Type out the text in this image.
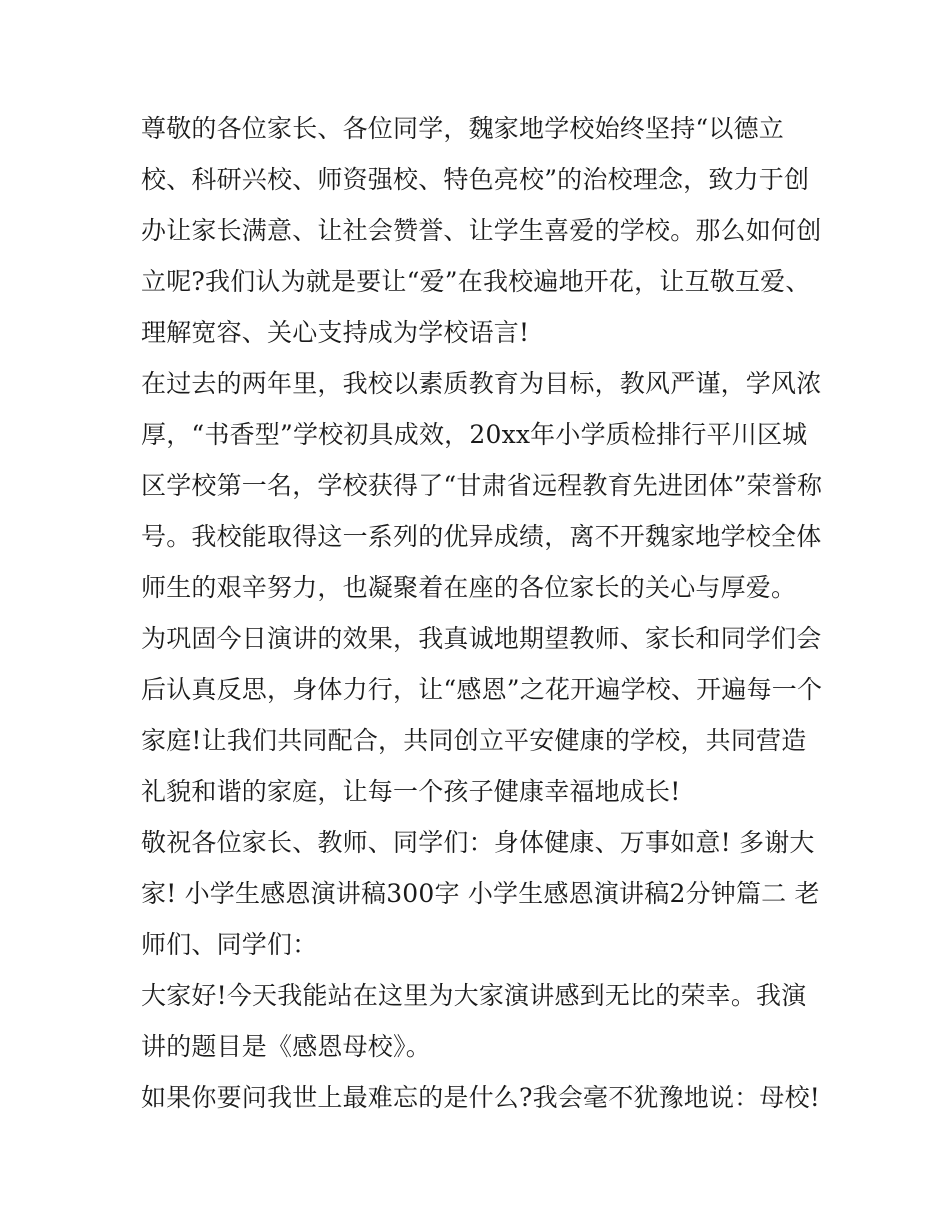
尊敬的各位家长、各位同学，魏家地学校始终坚持“以德立
校、科研兴校、师资强校、特色亮校”的治校理念，致力于创
办让家长满意、让社会赞誉、让学生喜爱的学校。那么如何创
立呢?我们认为就是要让“爱”在我校遍地开花，让互敬互爱、
理解宽容、关心支持成为学校语言!
在过去的两年里，我校以素质教育为目标，教风严谨，学风浓
厚，“书香型”学校初具成效，20xx年小学质检排行平川区城
区学校第一名，学校获得了“甘肃省远程教育先进团体”荣誉称
号。我校能取得这一系列的优异成绩，离不开魏家地学校全体
师生的艰辛努力，也凝聚着在座的各位家长的关心与厚爱。
为巩固今日演讲的效果，我真诚地期望教师、家长和同学们会
后认真反思，身体力行，让“感恩”之花开遍学校、开遍每一个
家庭!让我们共同配合，共同创立平安健康的学校，共同营造
礼貌和谐的家庭，让每一个孩子健康幸福地成长!
敬祝各位家长、教师、同学们：身体健康、万事如意! 多谢大
家! 小学生感恩演讲稿300字 小学生感恩演讲稿2分钟篇二 老
师们、同学们：
大家好!今天我能站在这里为大家演讲感到无比的荣幸。我演
讲的题目是《感恩母校》。
如果你要问我世上最难忘的是什么?我会毫不犹豫地说：母校!
